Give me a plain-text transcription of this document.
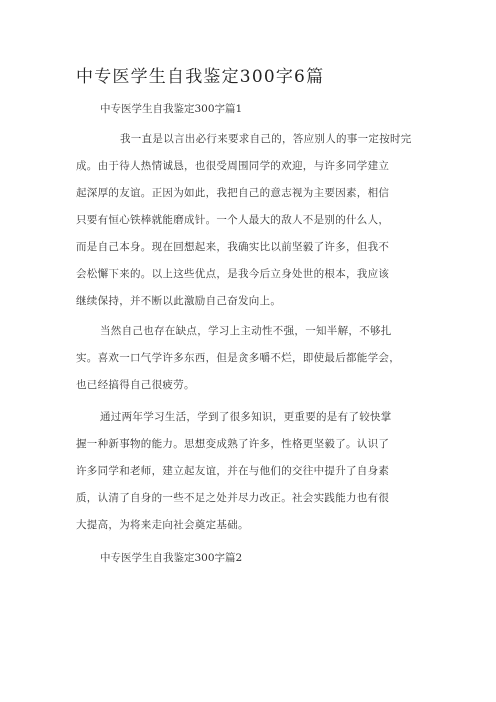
中专医学生自我鉴定300字6篇
中专医学生自我鉴定300字篇1
我一直是以言出必行来要求自己的，答应别人的事一定按时完
成。由于待人热情诚恳，也很受周围同学的欢迎，与许多同学建立
起深厚的友谊。正因为如此，我把自己的意志视为主要因素，相信
只要有恒心铁棒就能磨成针。一个人最大的敌人不是别的什么人，
而是自己本身。现在回想起来，我确实比以前坚毅了许多，但我不
会松懈下来的。以上这些优点，是我今后立身处世的根本，我应该
继续保持，并不断以此激励自己奋发向上。
当然自己也存在缺点，学习上主动性不强，一知半解，不够扎
实。喜欢一口气学许多东西，但是贪多嚼不烂，即使最后都能学会，
也已经搞得自己很疲劳。
通过两年学习生活，学到了很多知识，更重要的是有了较快掌
握一种新事物的能力。思想变成熟了许多，性格更坚毅了。认识了
许多同学和老师，建立起友谊，并在与他们的交往中提升了自身素
质，认清了自身的一些不足之处并尽力改正。社会实践能力也有很
大提高，为将来走向社会奠定基础。
中专医学生自我鉴定300字篇2
